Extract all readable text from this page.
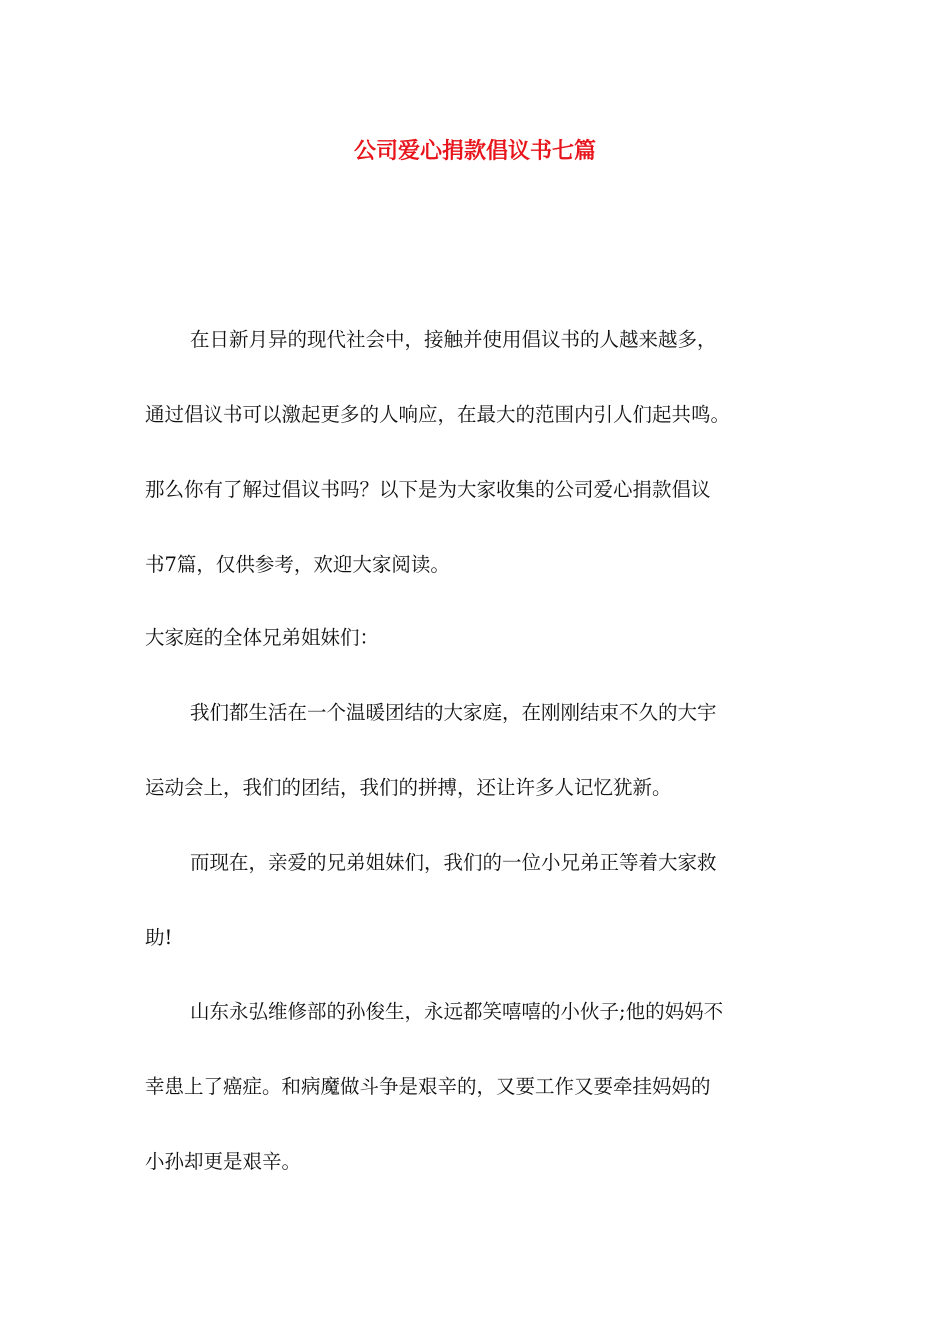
公司爱心捐款倡议书七篇

在日新月异的现代社会中，接触并使用倡议书的人越来越多，

通过倡议书可以激起更多的人响应，在最大的范围内引人们起共鸣。

那么你有了解过倡议书吗？以下是为大家收集的公司爱心捐款倡议

书7篇，仅供参考，欢迎大家阅读。

大家庭的全体兄弟姐妹们：

我们都生活在一个温暖团结的大家庭，在刚刚结束不久的大宇

运动会上，我们的团结，我们的拼搏，还让许多人记忆犹新。

而现在，亲爱的兄弟姐妹们，我们的一位小兄弟正等着大家救

助!

山东永弘维修部的孙俊生，永远都笑嘻嘻的小伙子;他的妈妈不

幸患上了癌症。和病魔做斗争是艰辛的，又要工作又要牵挂妈妈的

小孙却更是艰辛。
